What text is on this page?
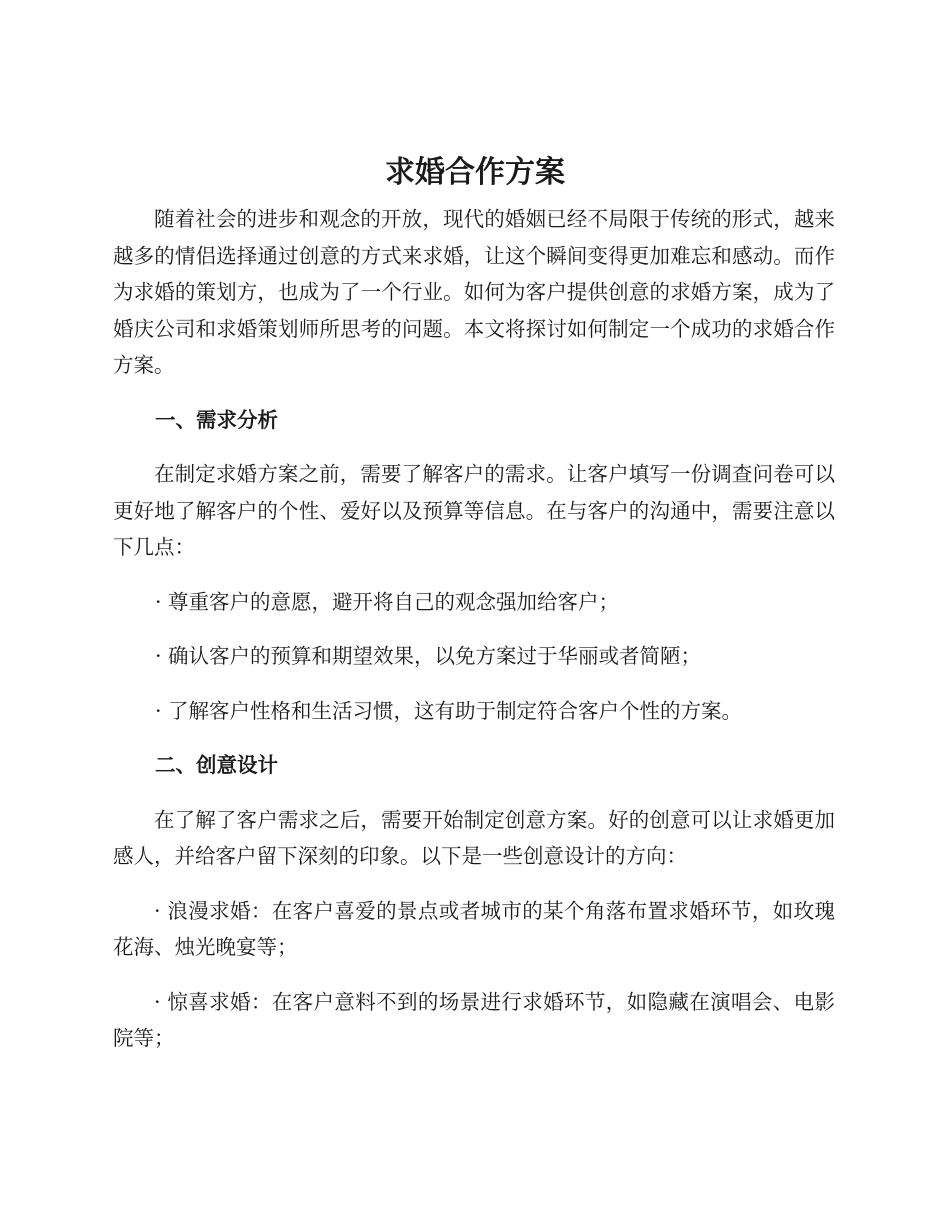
求婚合作方案

随着社会的进步和观念的开放，现代的婚姻已经不局限于传统的形式，越来越多的情侣选择通过创意的方式来求婚，让这个瞬间变得更加难忘和感动。而作为求婚的策划方，也成为了一个行业。如何为客户提供创意的求婚方案，成为了婚庆公司和求婚策划师所思考的问题。本文将探讨如何制定一个成功的求婚合作方案。

一、需求分析

在制定求婚方案之前，需要了解客户的需求。让客户填写一份调查问卷可以更好地了解客户的个性、爱好以及预算等信息。在与客户的沟通中，需要注意以下几点：

· 尊重客户的意愿，避开将自己的观念强加给客户；

· 确认客户的预算和期望效果，以免方案过于华丽或者简陋；

· 了解客户性格和生活习惯，这有助于制定符合客户个性的方案。

二、创意设计

在了解了客户需求之后，需要开始制定创意方案。好的创意可以让求婚更加感人，并给客户留下深刻的印象。以下是一些创意设计的方向：

· 浪漫求婚：在客户喜爱的景点或者城市的某个角落布置求婚环节，如玫瑰花海、烛光晚宴等；

· 惊喜求婚：在客户意料不到的场景进行求婚环节，如隐藏在演唱会、电影院等；
